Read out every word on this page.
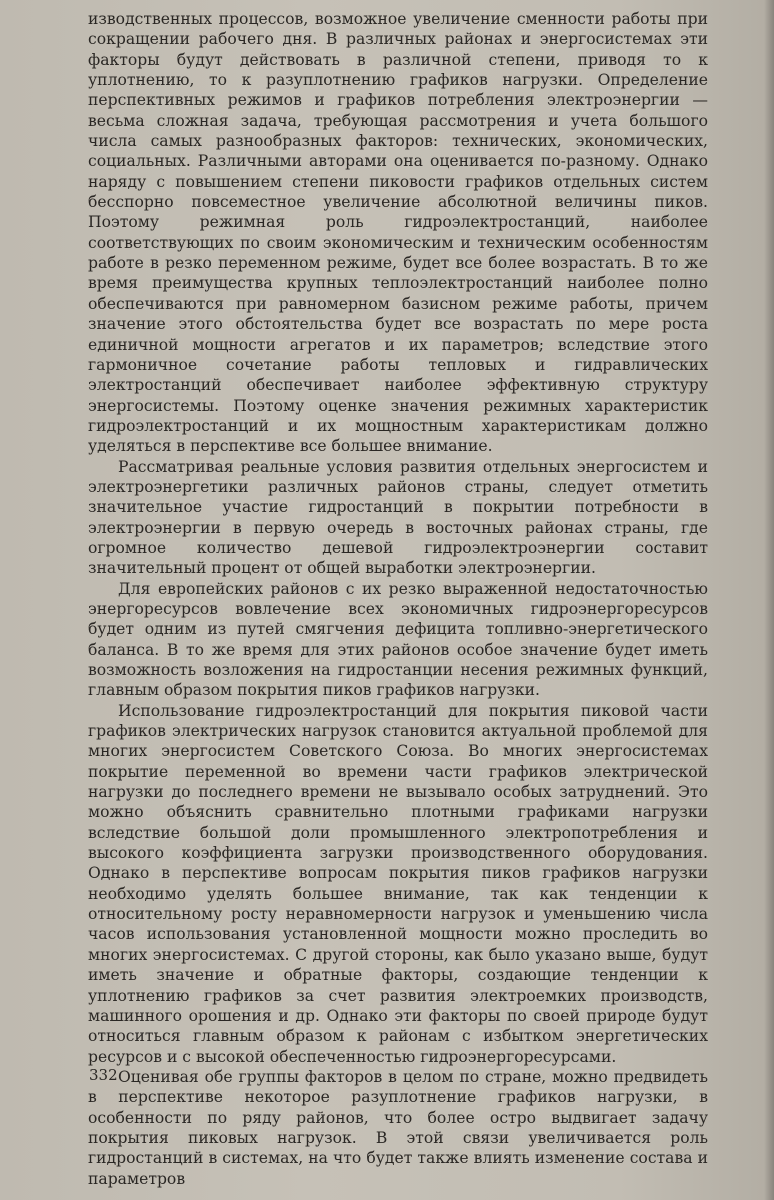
изводственных процессов, возможное увеличение сменности работы при сокращении рабочего дня. В различных районах и энергосистемах эти факторы будут действовать в различной степени, приводя то к уплотнению, то к разуплотнению графиков нагрузки. Определение перспективных режимов и графиков потребления электроэнергии — весьма сложная задача, требующая рассмотрения и учета большого числа самых разнообразных факторов: технических, экономических, социальных. Различными авторами она оценивается по-разному. Однако наряду с повышением степени пиковости графиков отдельных систем бесспорно повсеместное увеличение абсолютной величины пиков. Поэтому режимная роль гидроэлектростанций, наиболее соответствующих по своим экономическим и техническим особенностям работе в резко переменном режиме, будет все более возрастать. В то же время преимущества крупных теплоэлектростанций наиболее полно обеспечиваются при равномерном базисном режиме работы, причем значение этого обстоятельства будет все возрастать по мере роста единичной мощности агрегатов и их параметров; вследствие этого гармоничное сочетание работы тепловых и гидравлических электростанций обеспечивает наиболее эффективную структуру энергосистемы. Поэтому оценке значения режимных характеристик гидроэлектростанций и их мощностным характеристикам должно уделяться в перспективе все большее внимание.

Рассматривая реальные условия развития отдельных энергосистем и электроэнергетики различных районов страны, следует отметить значительное участие гидростанций в покрытии потребности в электроэнергии в первую очередь в восточных районах страны, где огромное количество дешевой гидроэлектроэнергии составит значительный процент от общей выработки электроэнергии.

Для европейских районов с их резко выраженной недостаточностью энергоресурсов вовлечение всех экономичных гидроэнергоресурсов будет одним из путей смягчения дефицита топливно-энергетического баланса. В то же время для этих районов особое значение будет иметь возможность возложения на гидростанции несения режимных функций, главным образом покрытия пиков графиков нагрузки.

Использование гидроэлектростанций для покрытия пиковой части графиков электрических нагрузок становится актуальной проблемой для многих энергосистем Советского Союза. Во многих энергосистемах покрытие переменной во времени части графиков электрической нагрузки до последнего времени не вызывало особых затруднений. Это можно объяснить сравнительно плотными графиками нагрузки вследствие большой доли промышленного электропотребления и высокого коэффициента загрузки производственного оборудования. Однако в перспективе вопросам покрытия пиков графиков нагрузки необходимо уделять большее внимание, так как тенденции к относительному росту неравномерности нагрузок и уменьшению числа часов использования установленной мощности можно проследить во многих энергосистемах. С другой стороны, как было указано выше, будут иметь значение и обратные факторы, создающие тенденции к уплотнению графиков за счет развития электроемких производств, машинного орошения и др. Однако эти факторы по своей природе будут относиться главным образом к районам с избытком энергетических ресурсов и с высокой обеспеченностью гидроэнергоресурсами.

Оценивая обе группы факторов в целом по стране, можно предвидеть в перспективе некоторое разуплотнение графиков нагрузки, в особенности по ряду районов, что более остро выдвигает задачу покрытия пиковых нагрузок. В этой связи увеличивается роль гидростанций в системах, на что будет также влиять изменение состава и параметров

332
